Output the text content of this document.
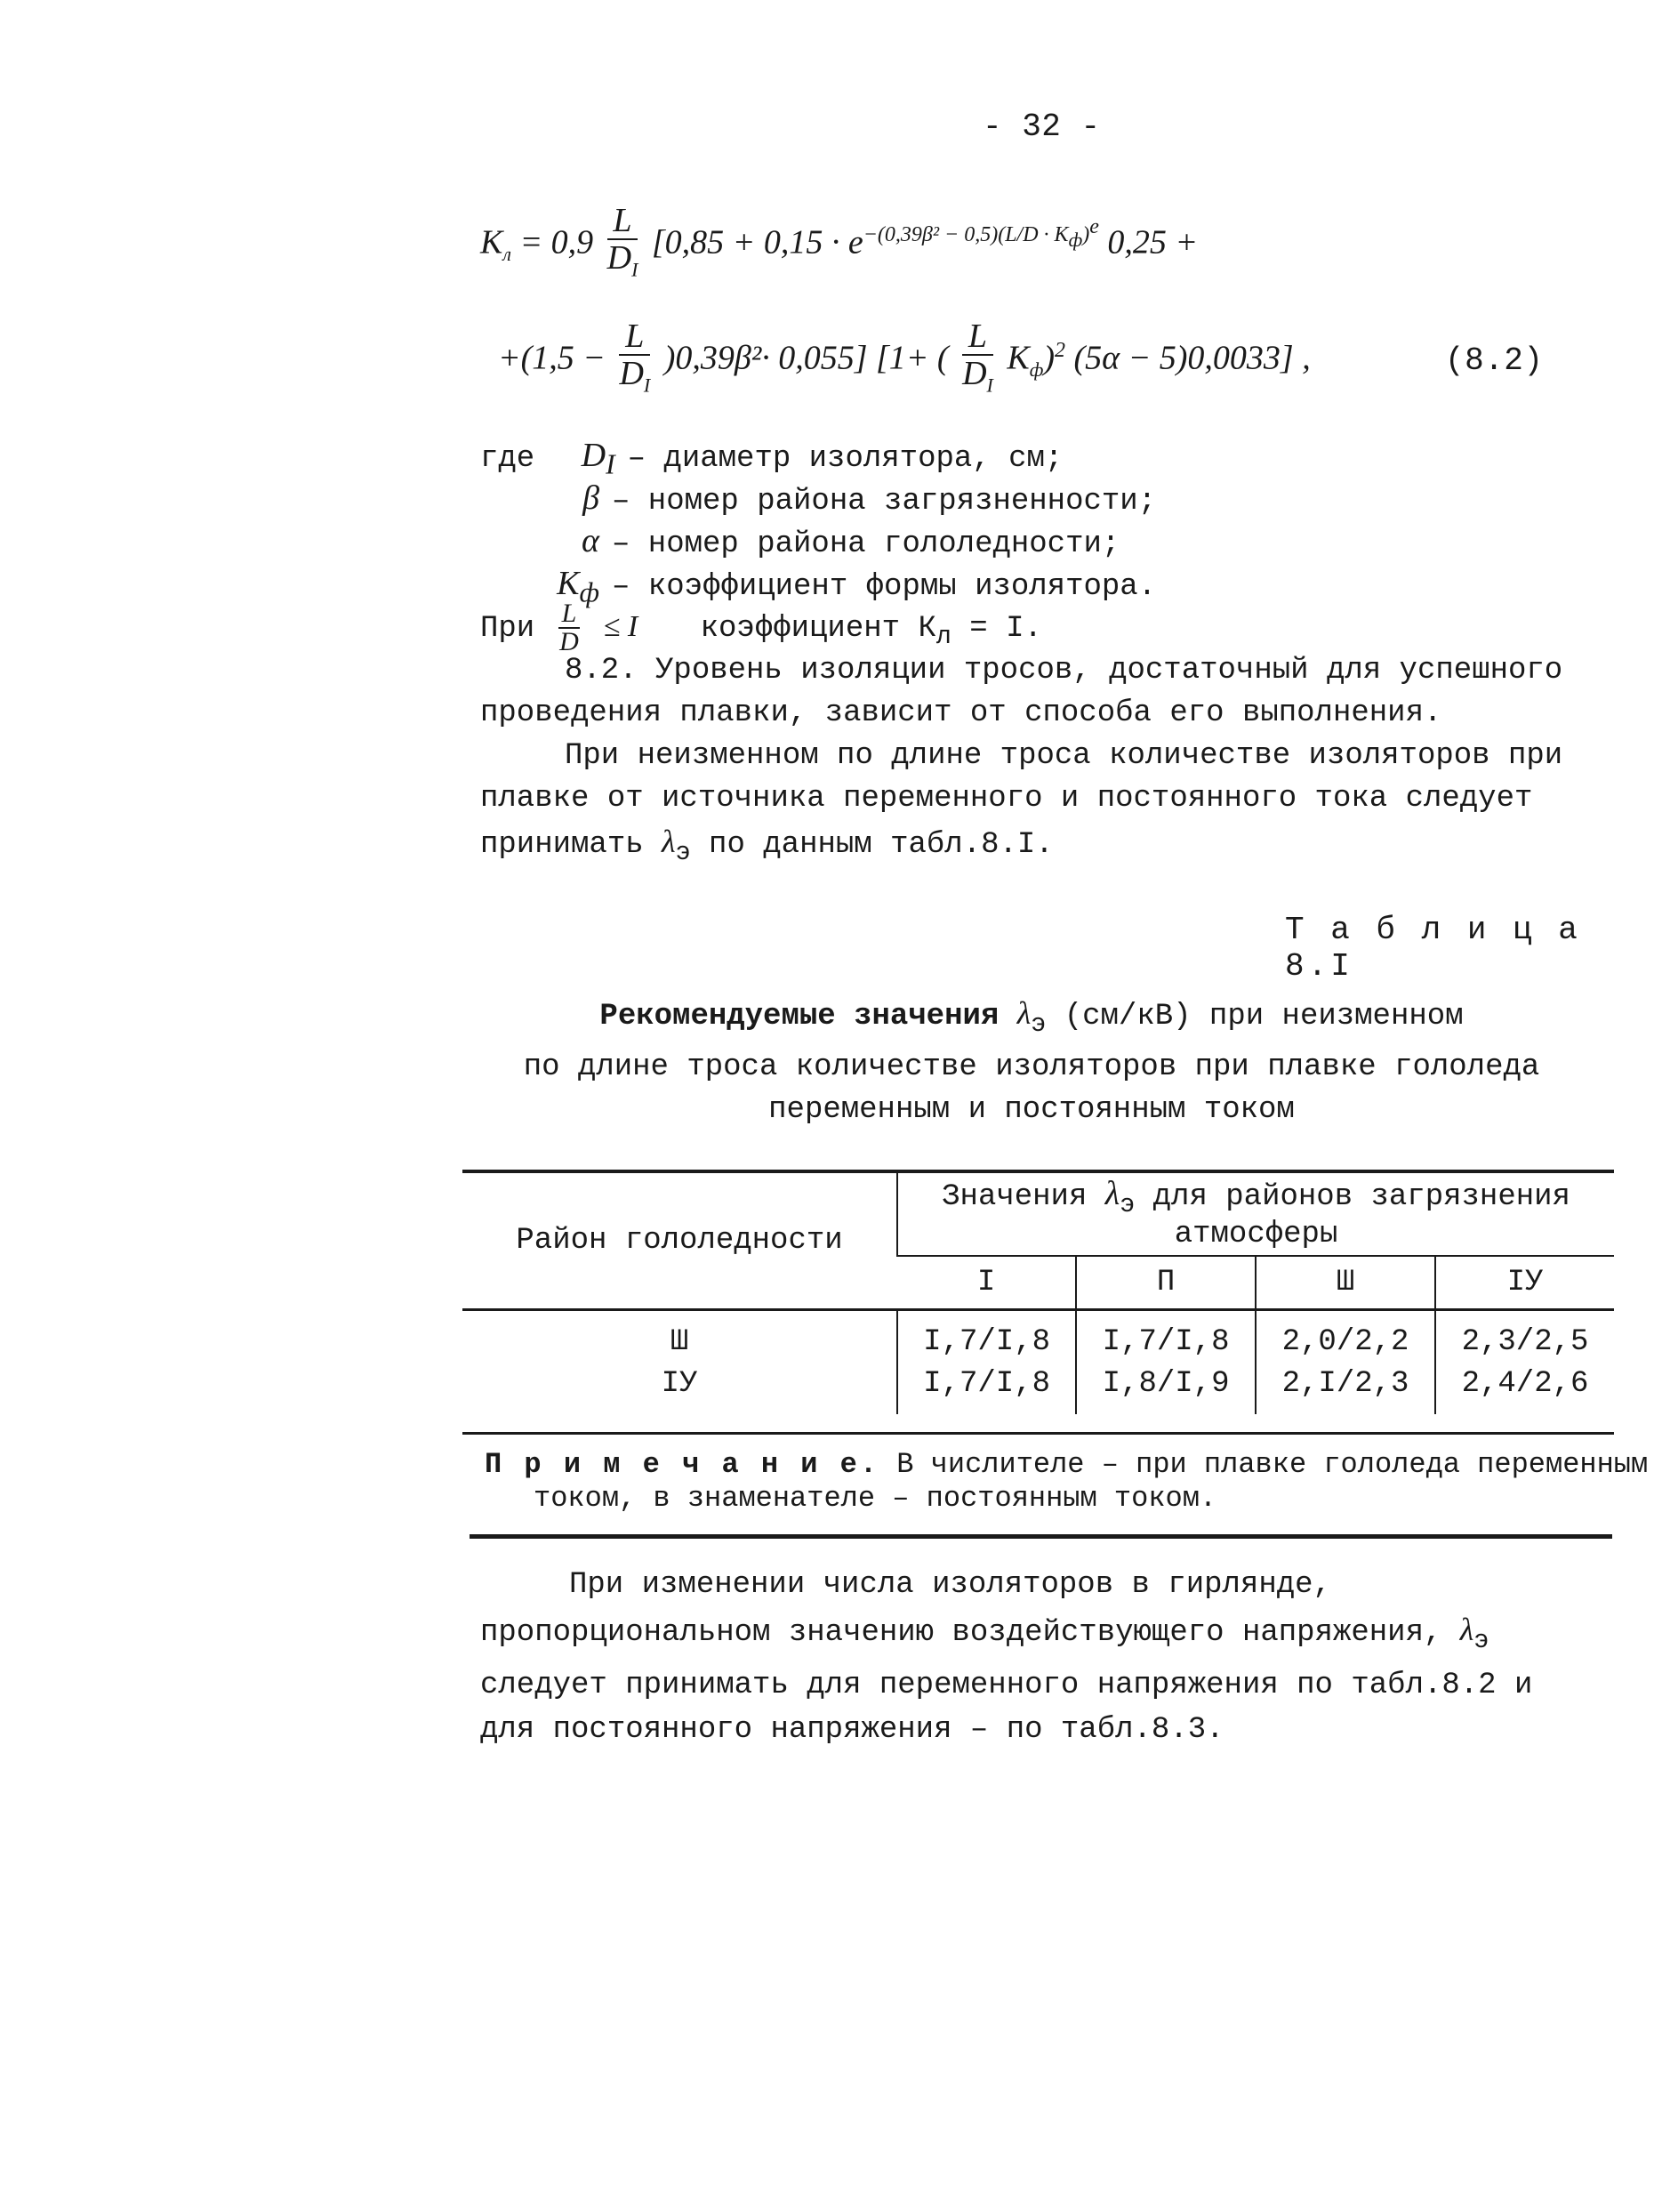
- 32 -
$K_л = 0,9 \frac{L}{D_I} [0,85 + 0,15 \cdot e^{-(0,39\beta^2 - 0,5)(L/D \cdot K_ф)^e}$ 0,25 +
$+(1,5 - \frac{L}{D_I} )0,39\beta^2\cdot 0,055$] [1+ ( $\frac{L}{D_I} K_ф)^2$ (5α − 5)0,0033] ,	(8.2)
где $D_I$ – диаметр изолятора, см;
β – номер района загрязненности;
α – номер района гололедности;
$K_ф$ – коэффициент формы изолятора.
При $\frac{L}{D} \le I$ коэффициент $К_л = I$.
8.2. Уровень изоляции тросов, достаточный для успешного проведения плавки, зависит от способа его выполнения.
При неизменном по длине троса количестве изоляторов при плавке от источника переменного и постоянного тока следует принимать $\lambda_э$ по данным табл.8.I.
Т а б л и ц а 8.I
Рекомендуемые значения $\lambda_э$ (см/кВ) при неизменном
по длине троса количестве изоляторов при плавке гололеда
переменным и постоянным током
Район гололедности	Значения $\lambda_э$ для районов загрязнения атмосферы			
	I	П	Ш	IУ
Ш	I,7/I,8	I,7/I,8	2,0/2,2	2,3/2,5
IУ	I,7/I,8	I,8/I,9	2,I/2,3	2,4/2,6
П р и м е ч а н и е. В числителе – при плавке гололеда переменным током, в знаменателе – постоянным током.
При изменении числа изоляторов в гирлянде, пропорциональном значению воздействующего напряжения, $\lambda_э$ следует принимать для переменного напряжения по табл.8.2 и для постоянного напряжения – по табл.8.3.
